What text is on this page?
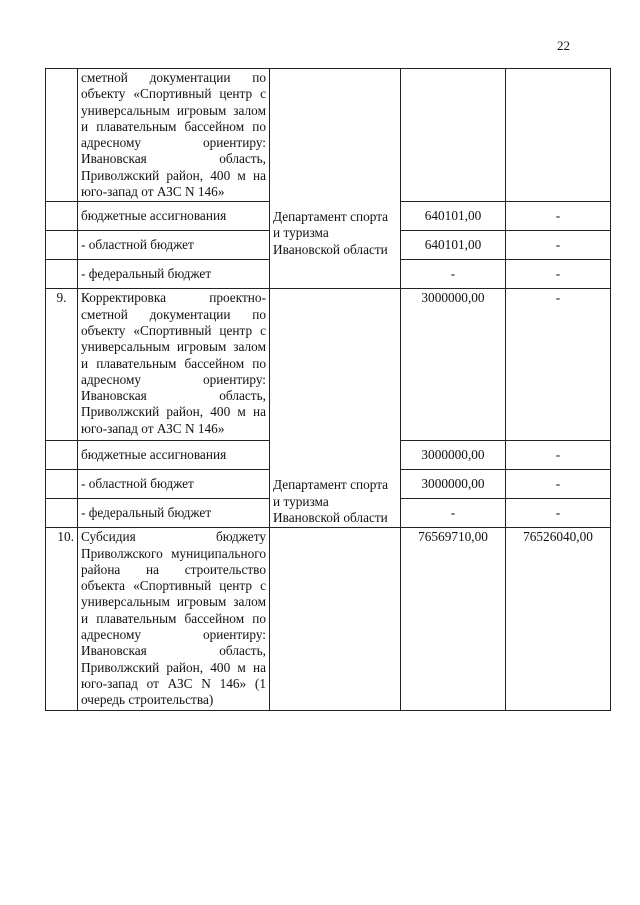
22
	сметной документации по объекту «Спортивный центр с универсальным игровым залом и плавательным бассейном по адресному ориентиру: Ивановская область, Приволжский район, 400 м на юго-запад от АЗС N 146»	Департамент спорта и туризма Ивановской области		
	бюджетные ассигнования		640101,00	-
	- областной бюджет		640101,00	-
	- федеральный бюджет		-	-
9.	Корректировка проектно-сметной документации по объекту «Спортивный центр с универсальным игровым залом и плавательным бассейном по адресному ориентиру: Ивановская область, Приволжский район, 400 м на юго-запад от АЗС N 146»	Департамент спорта и туризма Ивановской области	3000000,00	-
	бюджетные ассигнования		3000000,00	-
	- областной бюджет		3000000,00	-
	- федеральный бюджет		-	-
10.	Субсидия бюджету Приволжского муниципального района на строительство объекта «Спортивный центр с универсальным игровым залом и плавательным бассейном по адресному ориентиру: Ивановская область, Приволжский район, 400 м на юго-запад от АЗС N 146» (1 очередь строительства)		76569710,00	76526040,00
